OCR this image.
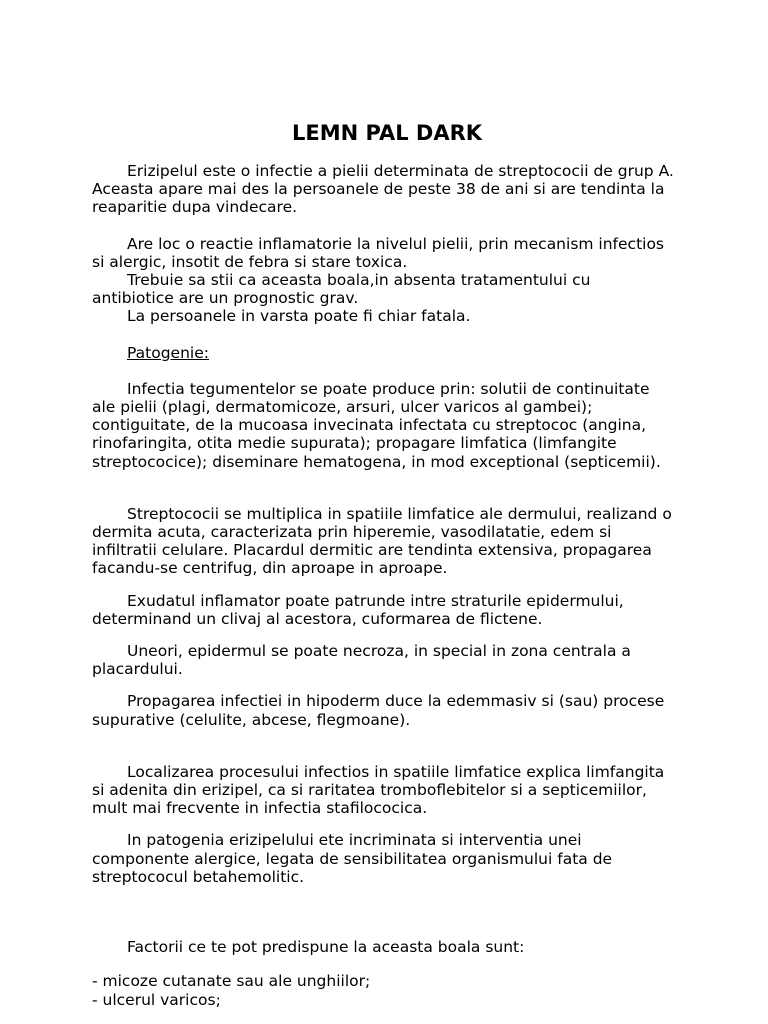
LEMN PAL DARK

Erizipelul este o infectie a pielii determinata de streptococii de grup A.
Aceasta apare mai des la persoanele de peste 38 de ani si are tendinta la
reaparitie dupa vindecare.

Are loc o reactie inflamatorie la nivelul pielii, prin mecanism infectios
si alergic, insotit de febra si stare toxica.

Trebuie sa stii ca aceasta boala,in absenta tratamentului cu
antibiotice are un prognostic grav.

La persoanele in varsta poate fi chiar fatala.

Patogenie:

Infectia tegumentelor se poate produce prin: solutii de continuitate
ale pielii (plagi, dermatomicoze, arsuri, ulcer varicos al gambei);
contiguitate, de la mucoasa invecinata infectata cu streptococ (angina,
rinofaringita, otita medie supurata); propagare limfatica (limfangite
streptococice); diseminare hematogena, in mod exceptional (septicemii).

Streptococii se multiplica in spatiile limfatice ale dermului, realizand o
dermita acuta, caracterizata prin hiperemie, vasodilatatie, edem si
infiltratii celulare. Placardul dermitic are tendinta extensiva, propagarea
facandu-se centrifug, din aproape in aproape.

Exudatul inflamator poate patrunde intre straturile epidermului,
determinand un clivaj al acestora, cuformarea de flictene.

Uneori, epidermul se poate necroza, in special in zona centrala a
placardului.

Propagarea infectiei in hipoderm duce la edemmasiv si (sau) procese
supurative (celulite, abcese, flegmoane).

Localizarea procesului infectios in spatiile limfatice explica limfangita
si adenita din erizipel, ca si raritatea tromboflebitelor si a septicemiilor,
mult mai frecvente in infectia stafilococica.

In patogenia erizipelului ete incriminata si interventia unei
componente alergice, legata de sensibilitatea organismului fata de
streptococul betahemolitic.

Factorii ce te pot predispune la aceasta boala sunt:

- micoze cutanate sau ale unghiilor;

- ulcerul varicos;
